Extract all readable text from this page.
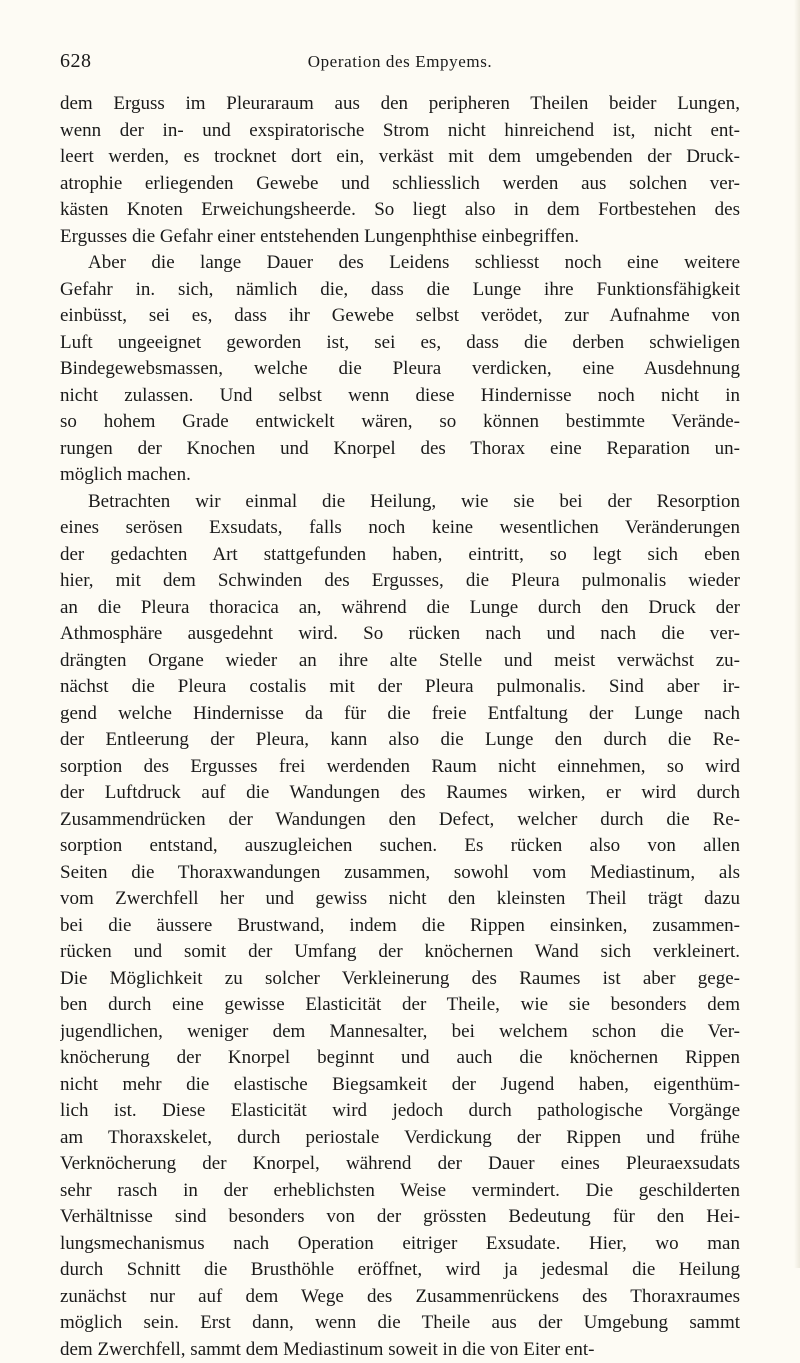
628	Operation des Empyems.
dem Erguss im Pleuraraum aus den peripheren Theilen beider Lungen,
wenn der in- und exspiratorische Strom nicht hinreichend ist, nicht ent-
leert werden, es trocknet dort ein, verkäst mit dem umgebenden der Druck-
atrophie erliegenden Gewebe und schliesslich werden aus solchen ver-
kästen Knoten Erweichungsheerde. So liegt also in dem Fortbestehen des
Ergusses die Gefahr einer entstehenden Lungenphthise einbegriffen.
Aber die lange Dauer des Leidens schliesst noch eine weitere
Gefahr in. sich, nämlich die, dass die Lunge ihre Funktionsfähigkeit
einbüsst, sei es, dass ihr Gewebe selbst verödet, zur Aufnahme von
Luft ungeeignet geworden ist, sei es, dass die derben schwieligen
Bindegewebsmassen, welche die Pleura verdicken, eine Ausdehnung
nicht zulassen. Und selbst wenn diese Hindernisse noch nicht in
so hohem Grade entwickelt wären, so können bestimmte Verände-
rungen der Knochen und Knorpel des Thorax eine Reparation un-
möglich machen.
Betrachten wir einmal die Heilung, wie sie bei der Resorption
eines serösen Exsudats, falls noch keine wesentlichen Veränderungen
der gedachten Art stattgefunden haben, eintritt, so legt sich eben
hier, mit dem Schwinden des Ergusses, die Pleura pulmonalis wieder
an die Pleura thoracica an, während die Lunge durch den Druck der
Athmosphäre ausgedehnt wird. So rücken nach und nach die ver-
drängten Organe wieder an ihre alte Stelle und meist verwächst zu-
nächst die Pleura costalis mit der Pleura pulmonalis. Sind aber ir-
gend welche Hindernisse da für die freie Entfaltung der Lunge nach
der Entleerung der Pleura, kann also die Lunge den durch die Re-
sorption des Ergusses frei werdenden Raum nicht einnehmen, so wird
der Luftdruck auf die Wandungen des Raumes wirken, er wird durch
Zusammendrücken der Wandungen den Defect, welcher durch die Re-
sorption entstand, auszugleichen suchen. Es rücken also von allen
Seiten die Thoraxwandungen zusammen, sowohl vom Mediastinum, als
vom Zwerchfell her und gewiss nicht den kleinsten Theil trägt dazu
bei die äussere Brustwand, indem die Rippen einsinken, zusammen-
rücken und somit der Umfang der knöchernen Wand sich verkleinert.
Die Möglichkeit zu solcher Verkleinerung des Raumes ist aber gege-
ben durch eine gewisse Elasticität der Theile, wie sie besonders dem
jugendlichen, weniger dem Mannesalter, bei welchem schon die Ver-
knöcherung der Knorpel beginnt und auch die knöchernen Rippen
nicht mehr die elastische Biegsamkeit der Jugend haben, eigenthüm-
lich ist. Diese Elasticität wird jedoch durch pathologische Vorgänge
am Thoraxskelet, durch periostale Verdickung der Rippen und frühe
Verknöcherung der Knorpel, während der Dauer eines Pleuraexsudats
sehr rasch in der erheblichsten Weise vermindert. Die geschilderten
Verhältnisse sind besonders von der grössten Bedeutung für den Hei-
lungsmechanismus nach Operation eitriger Exsudate. Hier, wo man
durch Schnitt die Brusthöhle eröffnet, wird ja jedesmal die Heilung
zunächst nur auf dem Wege des Zusammenrückens des Thoraxraumes
möglich sein. Erst dann, wenn die Theile aus der Umgebung sammt
dem Zwerchfell, sammt dem Mediastinum soweit in die von Eiter ent-
